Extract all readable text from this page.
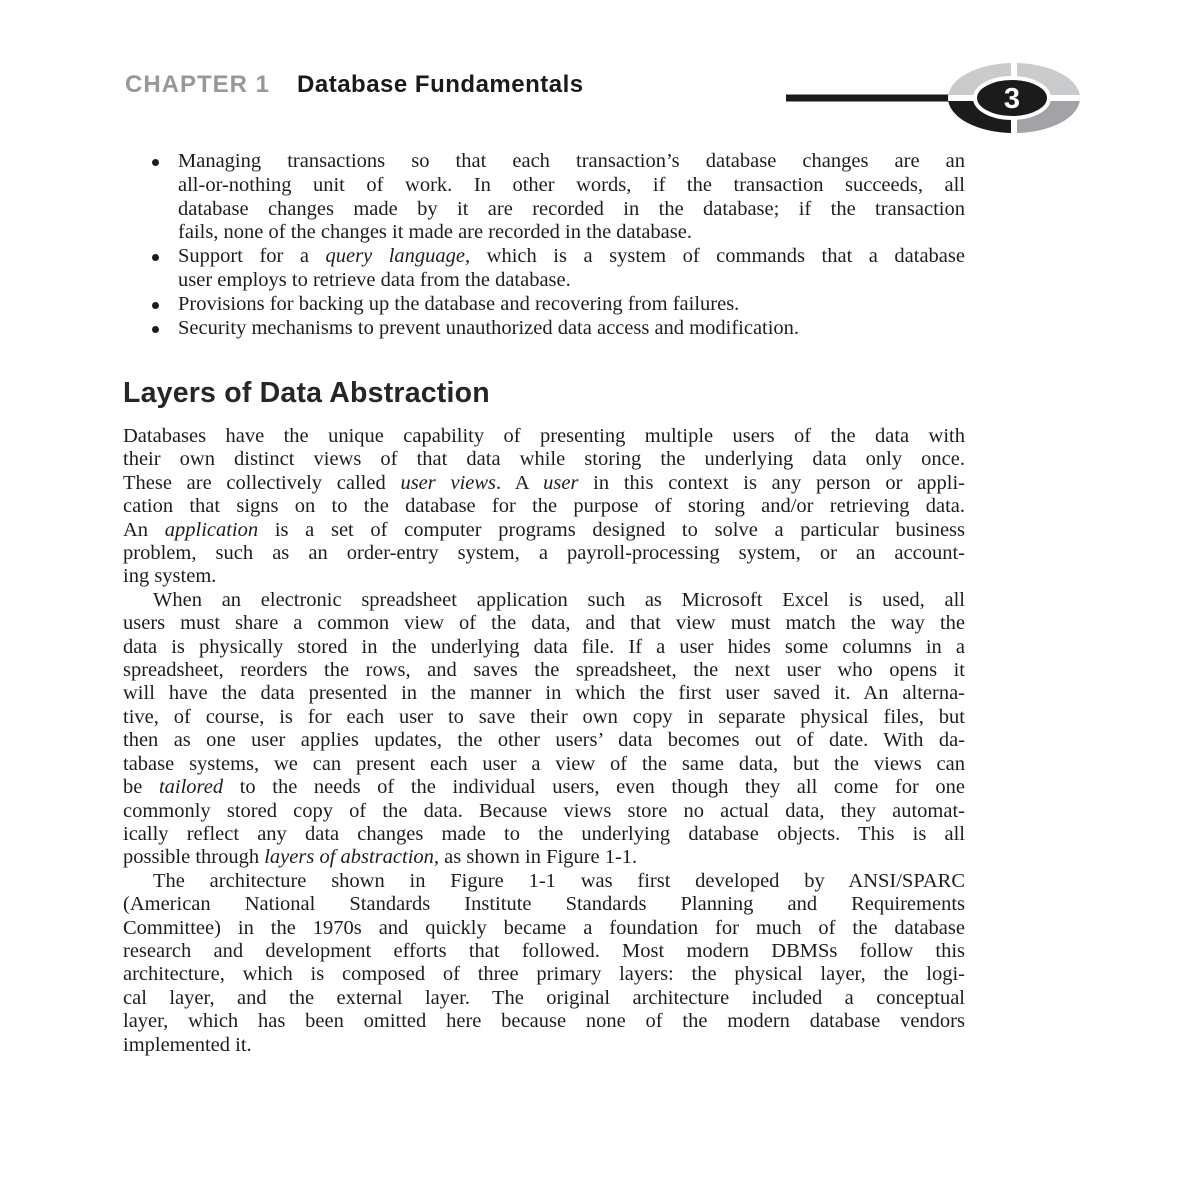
CHAPTER 1 Database Fundamentals	3
Managing transactions so that each transaction’s database changes are an
all-or-nothing unit of work. In other words, if the transaction succeeds, all
database changes made by it are recorded in the database; if the transaction
fails, none of the changes it made are recorded in the database.
Support for a query language, which is a system of commands that a database
user employs to retrieve data from the database.
Provisions for backing up the database and recovering from failures.
Security mechanisms to prevent unauthorized data access and modification.
Layers of Data Abstraction
Databases have the unique capability of presenting multiple users of the data with
their own distinct views of that data while storing the underlying data only once.
These are collectively called user views. A user in this context is any person or appli-
cation that signs on to the database for the purpose of storing and/or retrieving data.
An application is a set of computer programs designed to solve a particular business
problem, such as an order-entry system, a payroll-processing system, or an account-
ing system.
When an electronic spreadsheet application such as Microsoft Excel is used, all
users must share a common view of the data, and that view must match the way the
data is physically stored in the underlying data file. If a user hides some columns in a
spreadsheet, reorders the rows, and saves the spreadsheet, the next user who opens it
will have the data presented in the manner in which the first user saved it. An alterna-
tive, of course, is for each user to save their own copy in separate physical files, but
then as one user applies updates, the other users’ data becomes out of date. With da-
tabase systems, we can present each user a view of the same data, but the views can
be tailored to the needs of the individual users, even though they all come for one
commonly stored copy of the data. Because views store no actual data, they automat-
ically reflect any data changes made to the underlying database objects. This is all
possible through layers of abstraction, as shown in Figure 1-1.
The architecture shown in Figure 1-1 was first developed by ANSI/SPARC
(American National Standards Institute Standards Planning and Requirements
Committee) in the 1970s and quickly became a foundation for much of the database
research and development efforts that followed. Most modern DBMSs follow this
architecture, which is composed of three primary layers: the physical layer, the logi-
cal layer, and the external layer. The original architecture included a conceptual
layer, which has been omitted here because none of the modern database vendors
implemented it.
